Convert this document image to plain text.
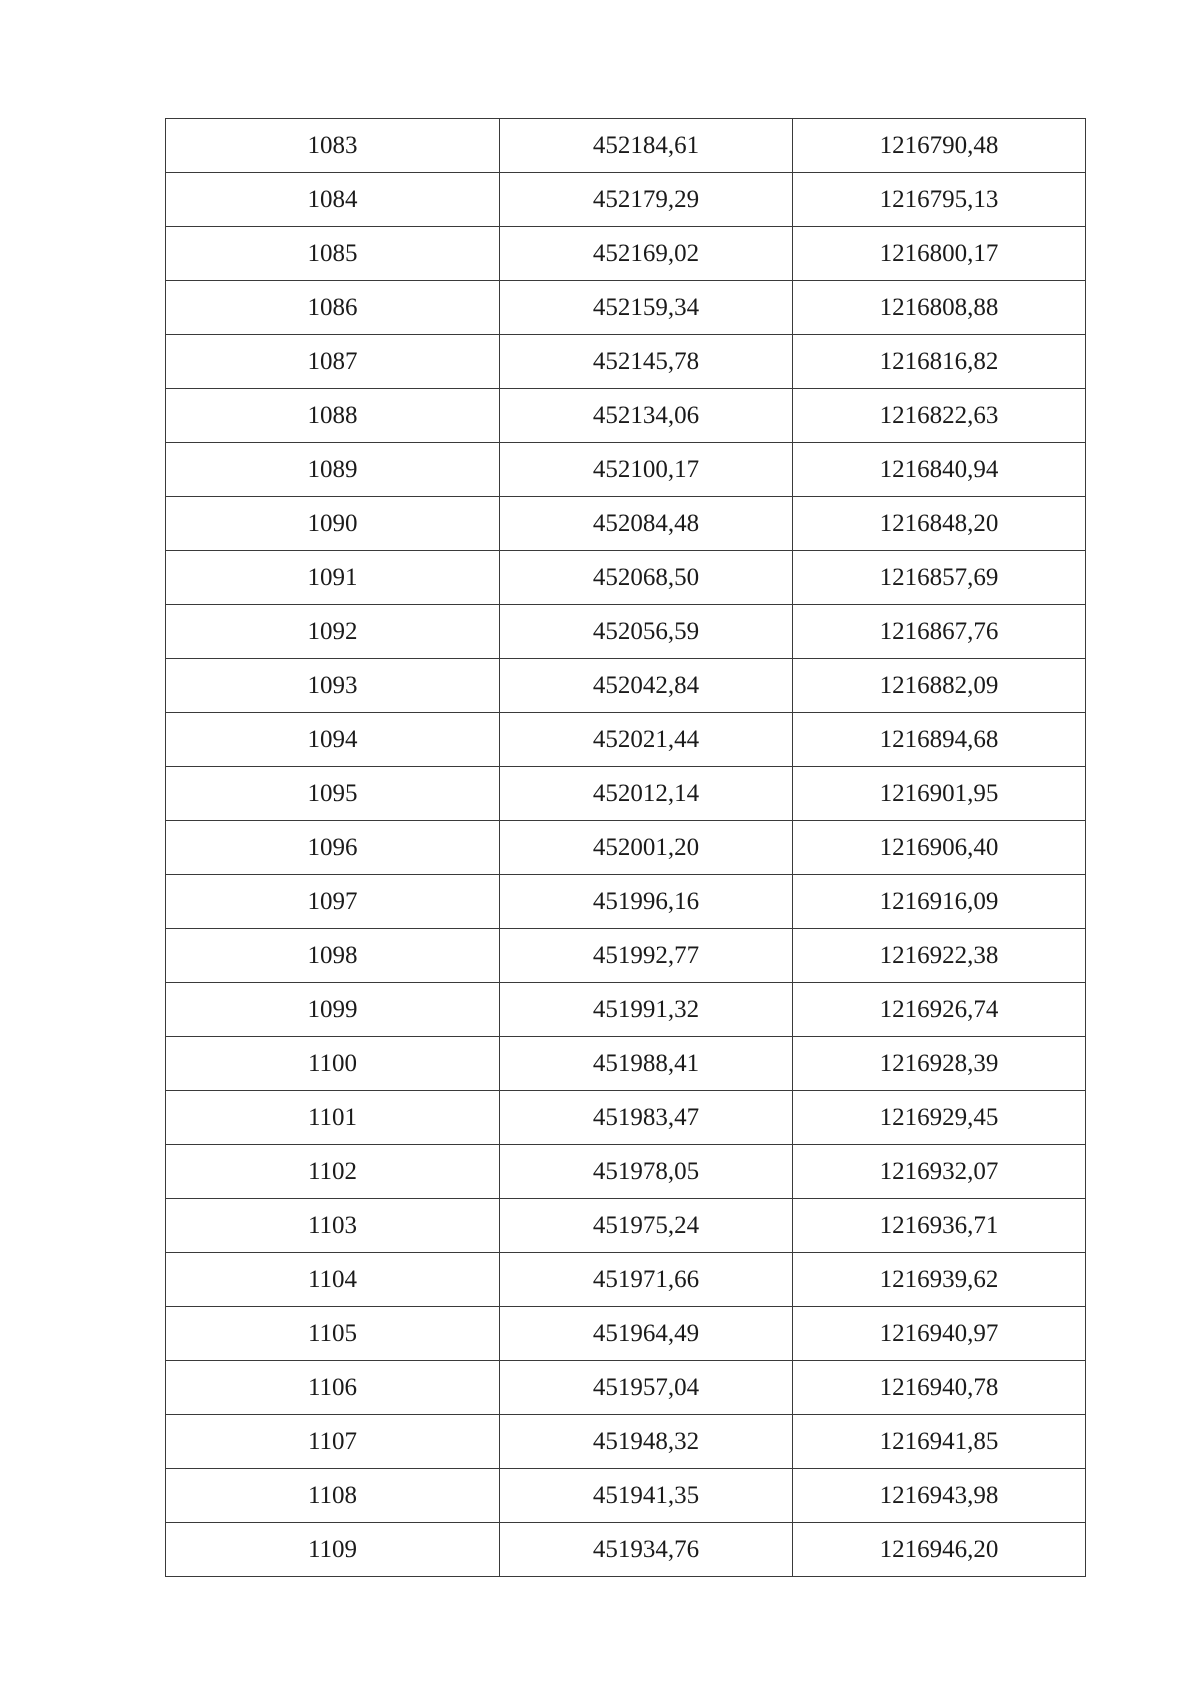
1083	452184,61	1216790,48
1084	452179,29	1216795,13
1085	452169,02	1216800,17
1086	452159,34	1216808,88
1087	452145,78	1216816,82
1088	452134,06	1216822,63
1089	452100,17	1216840,94
1090	452084,48	1216848,20
1091	452068,50	1216857,69
1092	452056,59	1216867,76
1093	452042,84	1216882,09
1094	452021,44	1216894,68
1095	452012,14	1216901,95
1096	452001,20	1216906,40
1097	451996,16	1216916,09
1098	451992,77	1216922,38
1099	451991,32	1216926,74
1100	451988,41	1216928,39
1101	451983,47	1216929,45
1102	451978,05	1216932,07
1103	451975,24	1216936,71
1104	451971,66	1216939,62
1105	451964,49	1216940,97
1106	451957,04	1216940,78
1107	451948,32	1216941,85
1108	451941,35	1216943,98
1109	451934,76	1216946,20
